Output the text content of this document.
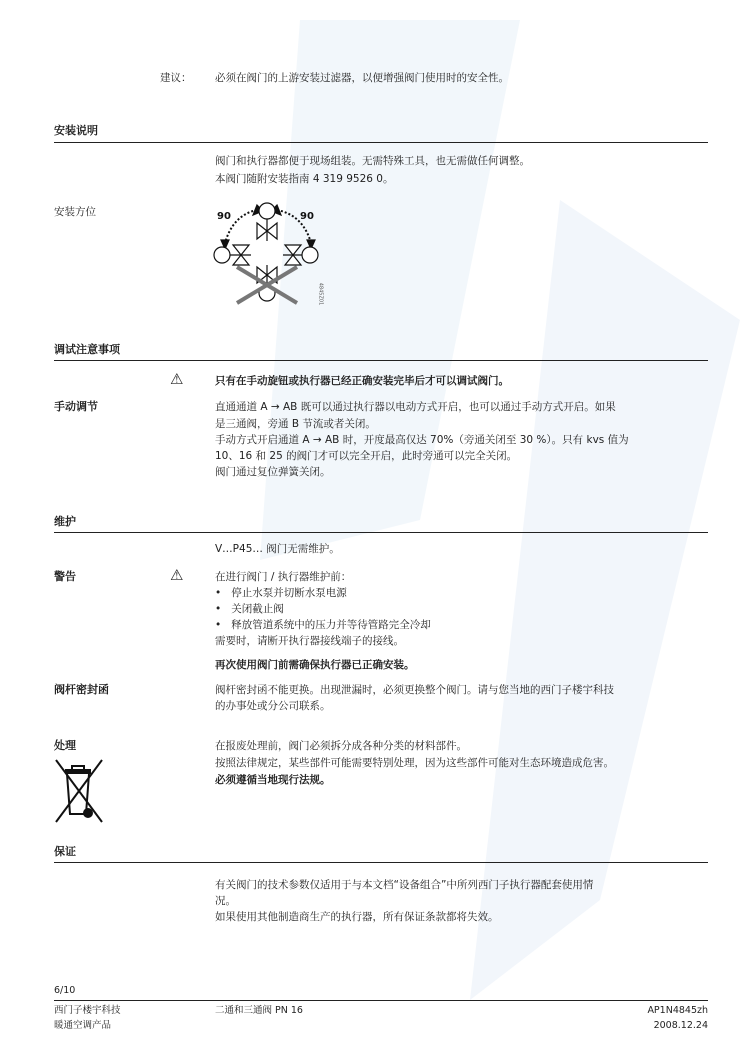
建议： 必须在阀门的上游安装过滤器，以便增强阀门使用时的安全性。
安装说明
阀门和执行器都便于现场组装。无需特殊工具，也无需做任何调整。
本阀门随附安装指南 4 319 9526 0。
安装方位	90	90
4845Z01
调试注意事项
⚠	只有在手动旋钮或执行器已经正确安装完毕后才可以调试阀门。
手动调节	直通通道 A → AB 既可以通过执行器以电动方式开启，也可以通过手动方式开启。如果
是三通阀，旁通 B 节流或者关闭。
手动方式开启通道 A → AB 时，开度最高仅达 70%（旁通关闭至 30 %）。只有 kvs 值为
10、16 和 25 的阀门才可以完全开启，此时旁通可以完全关闭。
阀门通过复位弹簧关闭。
维护
V…P45… 阀门无需维护。
警告	⚠	在进行阀门 / 执行器维护前：
•   停止水泵并切断水泵电源
•   关闭截止阀
•   释放管道系统中的压力并等待管路完全冷却
需要时，请断开执行器接线端子的接线。
再次使用阀门前需确保执行器已正确安装。
阀杆密封函	阀杆密封函不能更换。出现泄漏时，必须更换整个阀门。请与您当地的西门子楼宇科技
的办事处或分公司联系。
处理	在报废处理前，阀门必须拆分成各种分类的材料部件。
按照法律规定，某些部件可能需要特别处理，因为这些部件可能对生态环境造成危害。
必须遵循当地现行法规。
保证
有关阀门的技术参数仅适用于与本文档“设备组合”中所列西门子执行器配套使用情
况。
如果使用其他制造商生产的执行器，所有保证条款都将失效。
6/10
西门子楼宇科技
暖通空调产品
二通和三通阀 PN 16	AP1N4845zh
2008.12.24
